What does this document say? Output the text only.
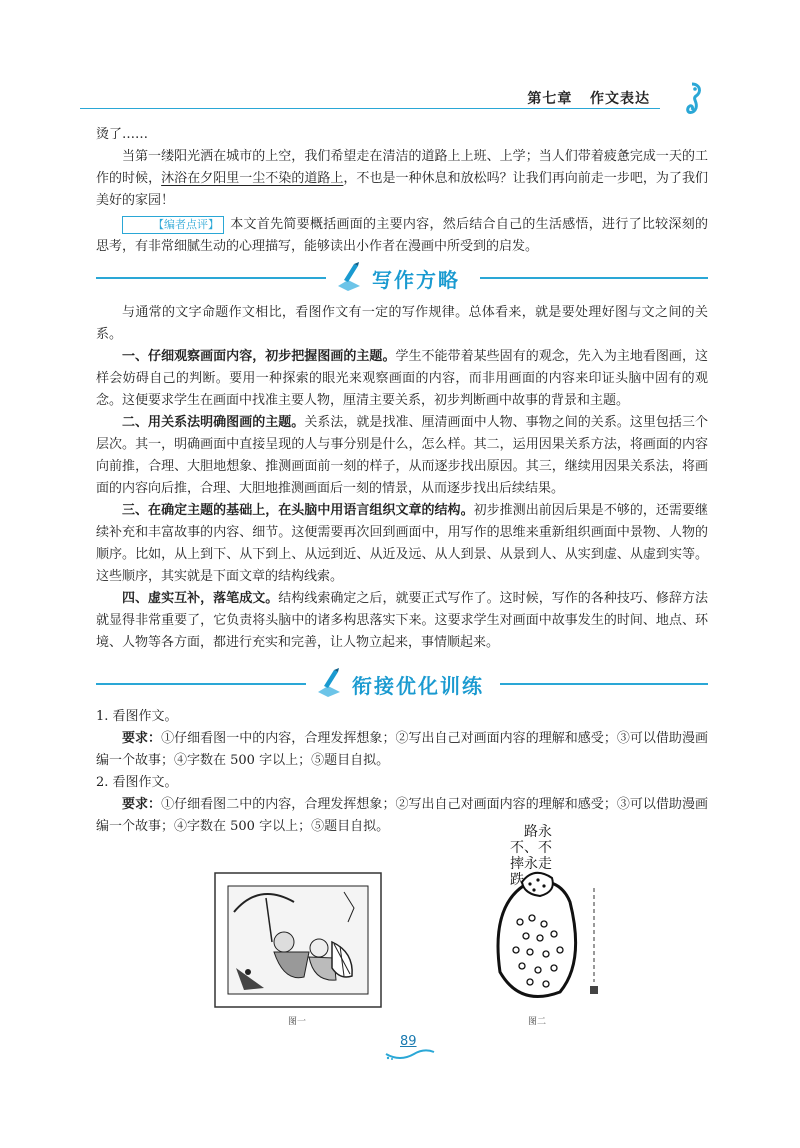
第七章 作文表达

烫了……

当第一缕阳光洒在城市的上空，我们希望走在清洁的道路上上班、上学；当人们带着疲惫完成一天的工作的时候，沐浴在夕阳里一尘不染的道路上，不也是一种休息和放松吗？让我们再向前走一步吧，为了我们美好的家园！

【编者点评】 本文首先简要概括画面的主要内容，然后结合自己的生活感悟，进行了比较深刻的思考，有非常细腻生动的心理描写，能够读出小作者在漫画中所受到的启发。

写作方略

与通常的文字命题作文相比，看图作文有一定的写作规律。总体看来，就是要处理好图与文之间的关系。

一、仔细观察画面内容，初步把握图画的主题。学生不能带着某些固有的观念，先入为主地看图画，这样会妨碍自己的判断。要用一种探索的眼光来观察画面的内容，而非用画面的内容来印证头脑中固有的观念。这便要求学生在画面中找准主要人物，厘清主要关系，初步判断画中故事的背景和主题。

二、用关系法明确图画的主题。关系法，就是找准、厘清画面中人物、事物之间的关系。这里包括三个层次。其一，明确画面中直接呈现的人与事分别是什么，怎么样。其二，运用因果关系方法，将画面的内容向前推，合理、大胆地想象、推测画面前一刻的样子，从而逐步找出原因。其三，继续用因果关系法，将画面的内容向后推，合理、大胆地推测画面后一刻的情景，从而逐步找出后续结果。

三、在确定主题的基础上，在头脑中用语言组织文章的结构。初步推测出前因后果是不够的，还需要继续补充和丰富故事的内容、细节。这便需要再次回到画面中，用写作的思维来重新组织画面中景物、人物的顺序。比如，从上到下、从下到上、从远到近、从近及远、从人到景、从景到人、从实到虚、从虚到实等。这些顺序，其实就是下面文章的结构线索。

四、虚实互补，落笔成文。结构线索确定之后，就要正式写作了。这时候，写作的各种技巧、修辞方法就显得非常重要了，它负责将头脑中的诸多构思落实下来。这要求学生对画面中故事发生的时间、地点、环境、人物等各方面，都进行充实和完善，让人物立起来，事情顺起来。

衔接优化训练

1. 看图作文。

要求：①仔细看图一中的内容，合理发挥想象；②写出自己对画面内容的理解和感受；③可以借助漫画编一个故事；④字数在 500 字以上；⑤题目自拟。

2. 看图作文。

要求：①仔细看图二中的内容，合理发挥想象；②写出自己对画面内容的理解和感受；③可以借助漫画编一个故事；④字数在 500 字以上；⑤题目自拟。

图一
路永
不、不
摔永走
跌
图二
89
